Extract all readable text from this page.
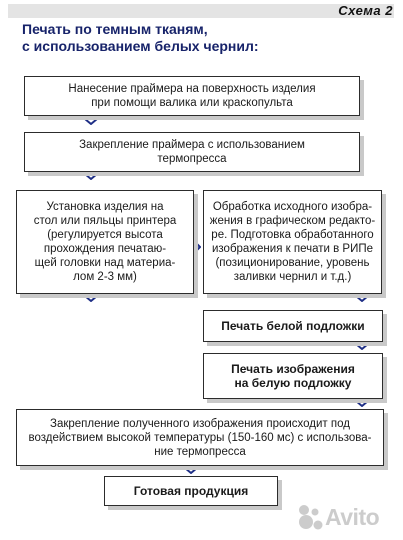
Схема 2
Печать по темным тканям,
с использованием белых чернил:
Нанесение праймера на поверхность изделия
при помощи валика или краскопульта
Закрепление праймера с использованием
термопресса
Установка изделия на
стол или пяльцы принтера
(регулируется высота
прохождения печатаю-
щей головки над материа-
лом 2-3 мм)
Обработка исходного изобра-
жения в графическом редакто-
ре. Подготовка обработанного
изображения к печати в РИПе
(позиционирование, уровень
заливки чернил и т.д.)
Печать белой подложки
Печать изображения
на белую подложку
Закрепление полученного изображения происходит под
воздействием высокой температуры (150-160 мс) с использова-
ние термопресса
Готовая продукция
Avito
